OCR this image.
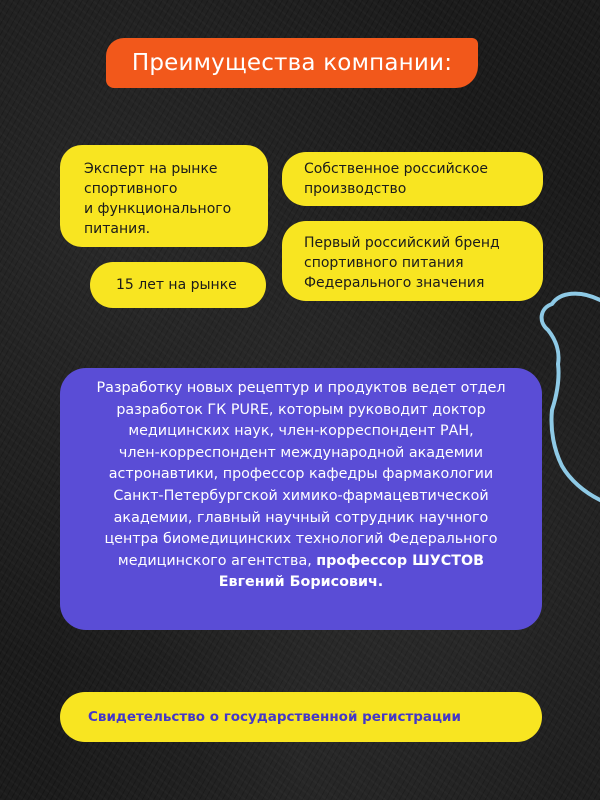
Преимущества компании:
Эксперт на рынке
спортивного
и функционального
питания.
15 лет на рынке
Собственное российское
производство
Первый российский бренд
спортивного питания
Федерального значения
Разработку новых рецептур и продуктов ведет отдел
разработок ГК PURE, которым руководит доктор
медицинских наук, член-корреспондент РАН,
член-корреспондент международной академии
астронавтики, профессор кафедры фармакологии
Санкт-Петербургской химико-фармацевтической
академии, главный научный сотрудник научного
центра биомедицинских технологий Федерального
медицинского агентства, профессор ШУСТОВ
Евгений Борисович.
Свидетельство о государственной регистрации
